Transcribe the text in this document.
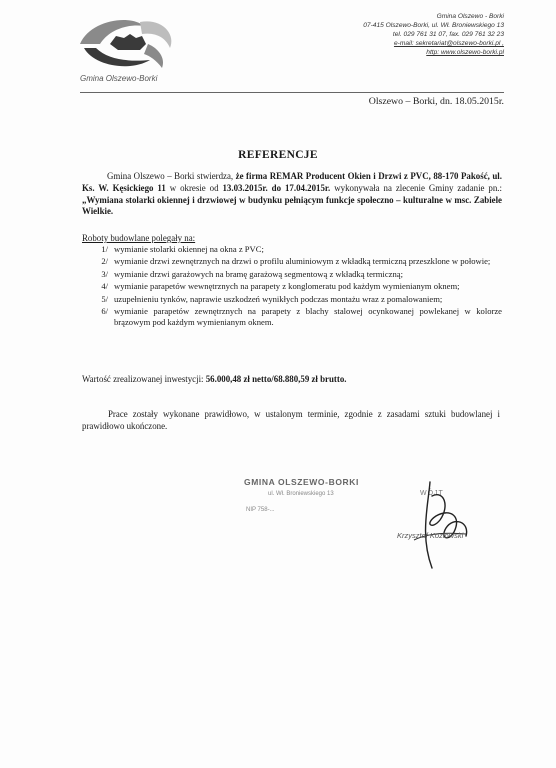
Gmina Olszewo-Borki
Gmina Olszewo - Borki
07-415 Olszewo-Borki, ul. Wł. Broniewskiego 13
tel. 029 761 31 07, fax. 029 761 32 23
e-mail: sekretariat@olszewo-borki.pl ,
http: www.olszewo-borki.pl
Olszewo – Borki, dn. 18.05.2015r.
REFERENCJE
Gmina Olszewo – Borki stwierdza, że firma REMAR Producent Okien i Drzwi z PVC, 88-170 Pakość, ul. Ks. W. Kęsickiego 11 w okresie od 13.03.2015r. do 17.04.2015r. wykonywała na zlecenie Gminy zadanie pn.: „Wymiana stolarki okiennej i drzwiowej w budynku pełniącym funkcje społeczno – kulturalne w msc. Zabiele Wielkie.
Roboty budowlane polegały na:
1/ wymianie stolarki okiennej na okna z PVC;
2/ wymianie drzwi zewnętrznych na drzwi o profilu aluminiowym z wkładką termiczną przeszklone w połowie;
3/ wymianie drzwi garażowych na bramę garażową segmentową z wkładką termiczną;
4/ wymianie parapetów wewnętrznych na parapety z konglomeratu pod każdym wymienianym oknem;
5/ uzupełnieniu tynków, naprawie uszkodzeń wynikłych podczas montażu wraz z pomalowaniem;
6/ wymianie parapetów zewnętrznych na parapety z blachy stalowej ocynkowanej powlekanej w kolorze brązowym pod każdym wymienianym oknem.
Wartość zrealizowanej inwestycji: 56.000,48 zł netto/68.880,59 zł brutto.
Prace zostały wykonane prawidłowo, w ustalonym terminie, zgodnie z zasadami sztuki budowlanej i prawidłowo ukończone.
GMINA OLSZEWO-BORKI
ul. Wł. Broniewskiego 13
NIP 758-...
WÓJT
Krzysztof Kozłowski
